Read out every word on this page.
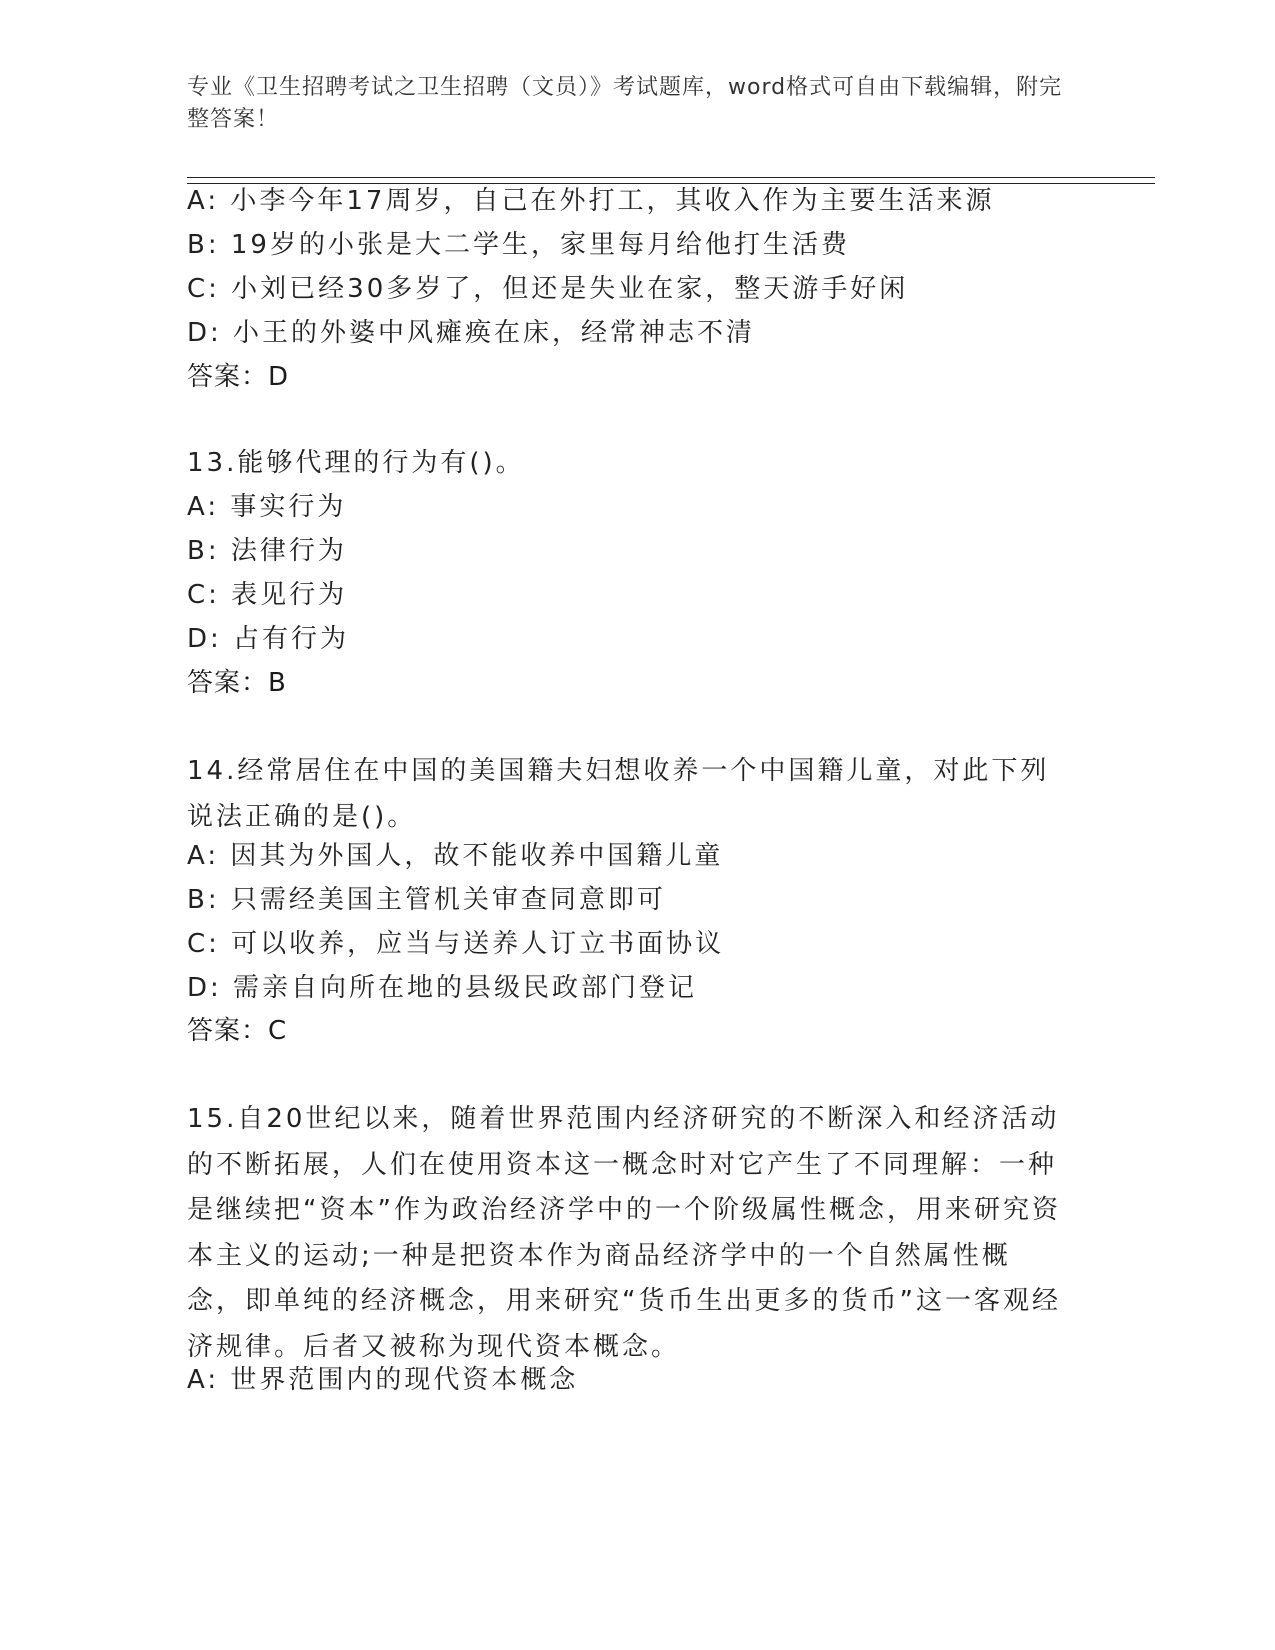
专业《卫生招聘考试之卫生招聘（文员）》考试题库，word格式可自由下载编辑，附完整答案！
A: 小李今年17周岁，自己在外打工，其收入作为主要生活来源
B: 19岁的小张是大二学生，家里每月给他打生活费
C: 小刘已经30多岁了，但还是失业在家，整天游手好闲
D: 小王的外婆中风瘫痪在床，经常神志不清
答案：D
13.能够代理的行为有()。
A: 事实行为
B: 法律行为
C: 表见行为
D: 占有行为
答案：B
14.经常居住在中国的美国籍夫妇想收养一个中国籍儿童，对此下列说法正确的是()。
A: 因其为外国人，故不能收养中国籍儿童
B: 只需经美国主管机关审查同意即可
C: 可以收养，应当与送养人订立书面协议
D: 需亲自向所在地的县级民政部门登记
答案：C
15.自20世纪以来，随着世界范围内经济研究的不断深入和经济活动的不断拓展，人们在使用资本这一概念时对它产生了不同理解：一种是继续把“资本”作为政治经济学中的一个阶级属性概念，用来研究资本主义的运动;一种是把资本作为商品经济学中的一个自然属性概念，即单纯的经济概念，用来研究“货币生出更多的货币”这一客观经济规律。后者又被称为现代资本概念。
A: 世界范围内的现代资本概念
